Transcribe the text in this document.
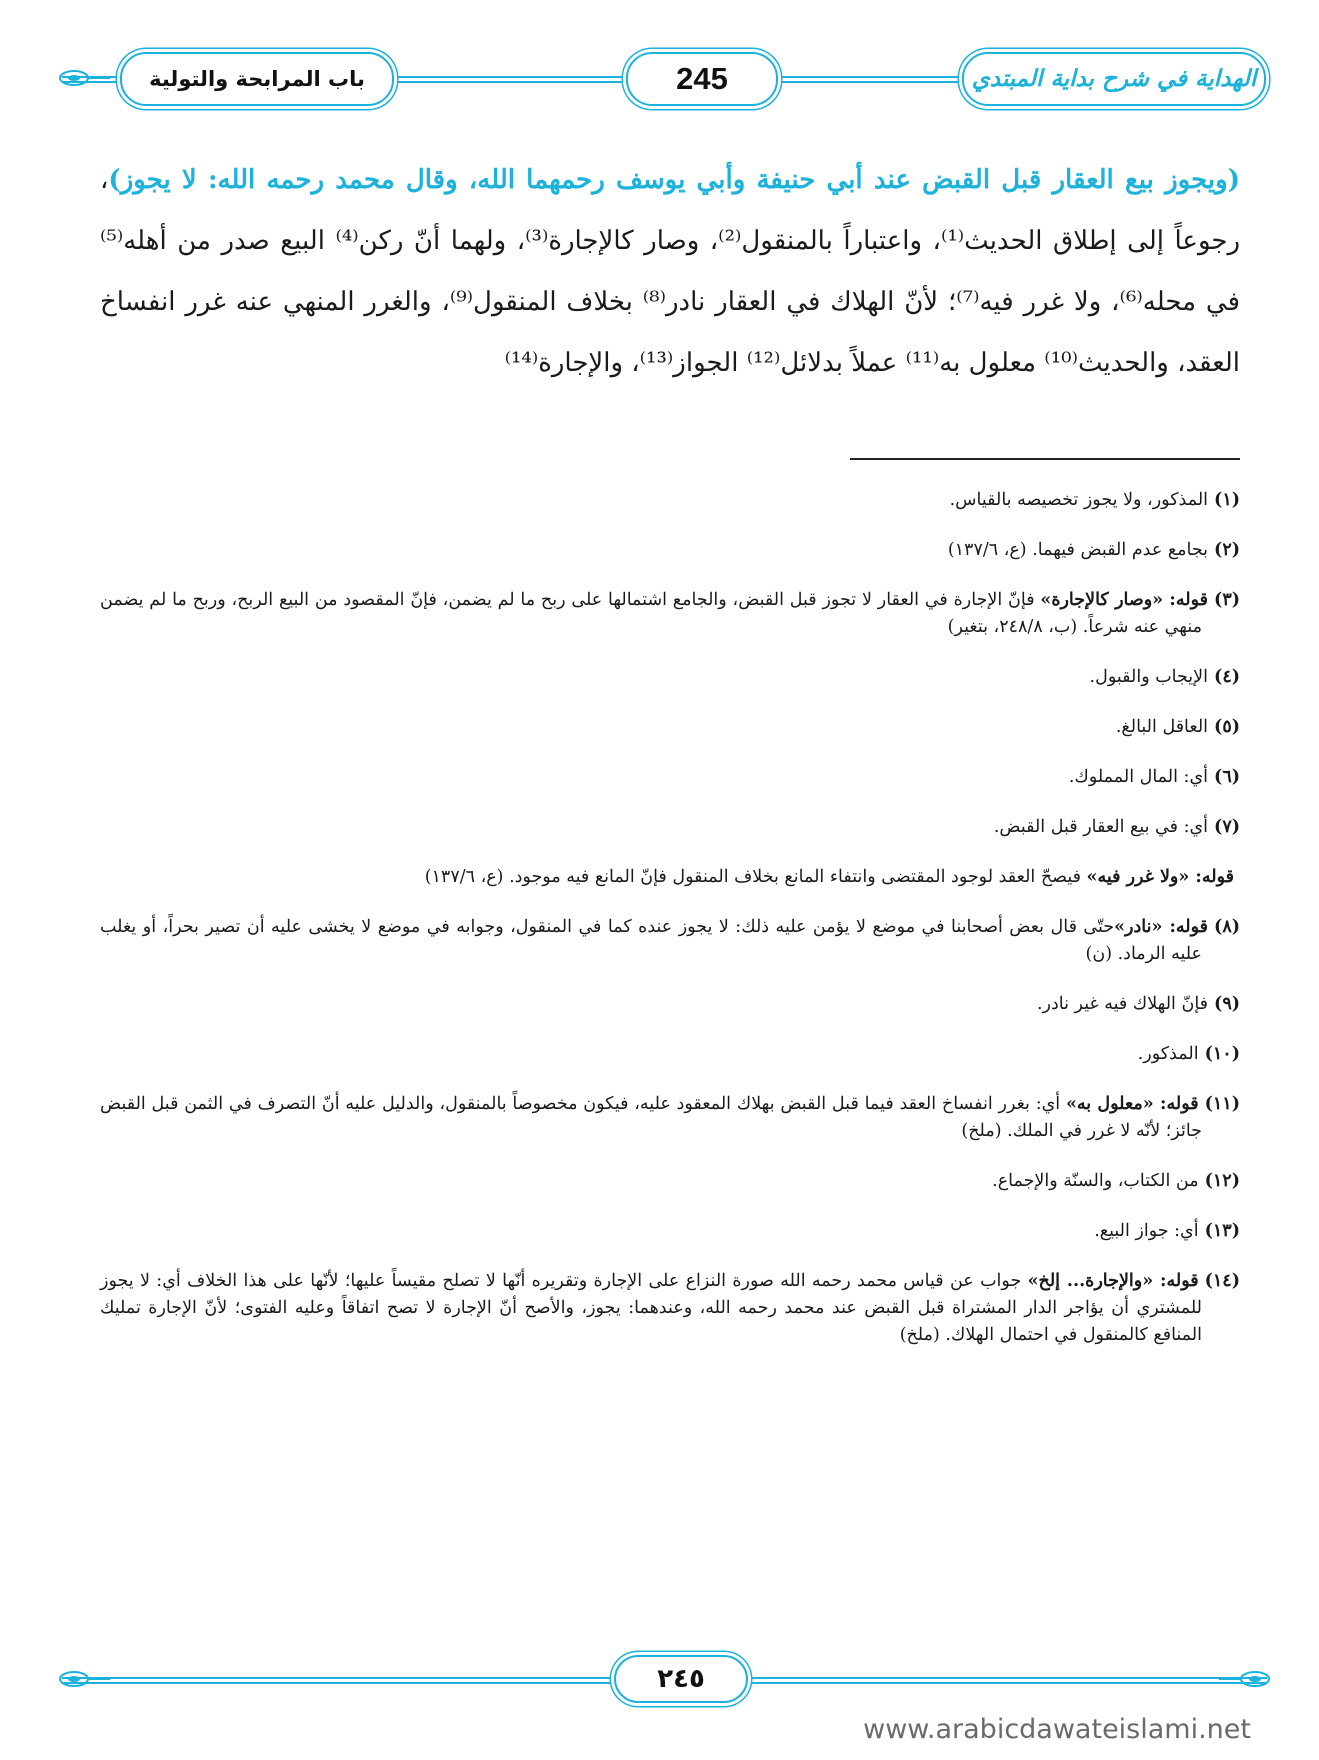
الهداية في شرح بداية المبتدي
245
باب المرابحة والتولية
(ويجوز بيع العقار قبل القبض عند أبي حنيفة وأبي يوسف رحمهما الله، وقال محمد رحمه الله: لا يجوز)، رجوعاً إلى إطلاق الحديث⁽¹⁾، واعتباراً بالمنقول⁽²⁾، وصار كالإجارة⁽³⁾، ولهما أنّ ركن⁽⁴⁾ البيع صدر من أهله⁽⁵⁾ في محله⁽⁶⁾، ولا غرر فيه⁽⁷⁾؛ لأنّ الهلاك في العقار نادر⁽⁸⁾ بخلاف المنقول⁽⁹⁾، والغرر المنهي عنه غرر انفساخ العقد، والحديث⁽¹⁰⁾ معلول به⁽¹¹⁾ عملاً بدلائل⁽¹²⁾ الجواز⁽¹³⁾، والإجارة⁽¹⁴⁾
(١)المذكور، ولا يجوز تخصيصه بالقياس.
(٢)بجامع عدم القبض فيهما. (ع، ١٣٧/٦)
(٣)قوله: «وصار كالإجارة» فإنّ الإجارة في العقار لا تجوز قبل القبض، والجامع اشتمالها على ربح ما لم يضمن، فإنّ المقصود من البيع الربح، وربح ما لم يضمن منهي عنه شرعاً. (ب، ٢٤٨/٨، بتغير)
(٤)الإيجاب والقبول.
(٥)العاقل البالغ.
(٦)أي: المال المملوك.
(٧)أي: في بيع العقار قبل القبض.
قوله: «ولا غرر فيه» فيصحّ العقد لوجود المقتضى وانتفاء المانع بخلاف المنقول فإنّ المانع فيه موجود. (ع، ١٣٧/٦)
(٨)قوله: «نادر»حتّى قال بعض أصحابنا في موضع لا يؤمن عليه ذلك: لا يجوز عنده كما في المنقول، وجوابه في موضع لا يخشى عليه أن تصير بحراً، أو يغلب عليه الرماد. (ن)
(٩)فإنّ الهلاك فيه غير نادر.
(١٠)المذكور.
(١١)قوله: «معلول به» أي: بغرر انفساخ العقد فيما قبل القبض بهلاك المعقود عليه، فيكون مخصوصاً بالمنقول، والدليل عليه أنّ التصرف في الثمن قبل القبض جائز؛ لأنّه لا غرر في الملك. (ملخ)
(١٢)من الكتاب، والسنّة والإجماع.
(١٣)أي: جواز البيع.
(١٤)قوله: «والإجارة... إلخ» جواب عن قياس محمد رحمه الله صورة النزاع على الإجارة وتقريره أنّها لا تصلح مقيساً عليها؛ لأنّها على هذا الخلاف أي: لا يجوز للمشتري أن يؤاجر الدار المشتراة قبل القبض عند محمد رحمه الله، وعندهما: يجوز، والأصح أنّ الإجارة لا تصح اتفاقاً وعليه الفتوى؛ لأنّ الإجارة تمليك المنافع كالمنقول في احتمال الهلاك. (ملخ)
٢٤٥
www.arabicdawateislami.net
